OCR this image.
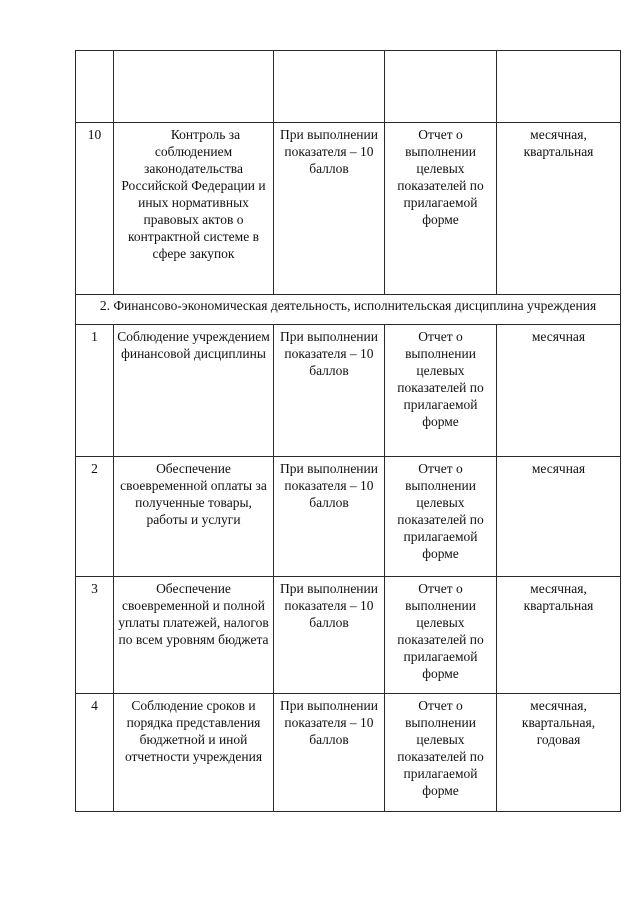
10	Контроль за соблюдением законодательства Российской Федерации и иных нормативных правовых актов о контрактной системе в сфере закупок	При выполнении показателя – 10 баллов	Отчет о выполнении целевых показателей по прилагаемой форме	месячная, квартальная
2. Финансово-экономическая деятельность, исполнительская дисциплина учреждения				
1	Соблюдение учреждением финансовой дисциплины	При выполнении показателя – 10 баллов	Отчет о выполнении целевых показателей по прилагаемой форме	месячная
2	Обеспечение своевременной оплаты за полученные товары, работы и услуги	При выполнении показателя – 10 баллов	Отчет о выполнении целевых показателей по прилагаемой форме	месячная
3	Обеспечение своевременной и полной уплаты платежей, налогов по всем уровням бюджета	При выполнении показателя – 10 баллов	Отчет о выполнении целевых показателей по прилагаемой форме	месячная, квартальная
4	Соблюдение сроков и порядка представления бюджетной и иной отчетности учреждения	При выполнении показателя – 10 баллов	Отчет о выполнении целевых показателей по прилагаемой форме	месячная, квартальная, годовая
